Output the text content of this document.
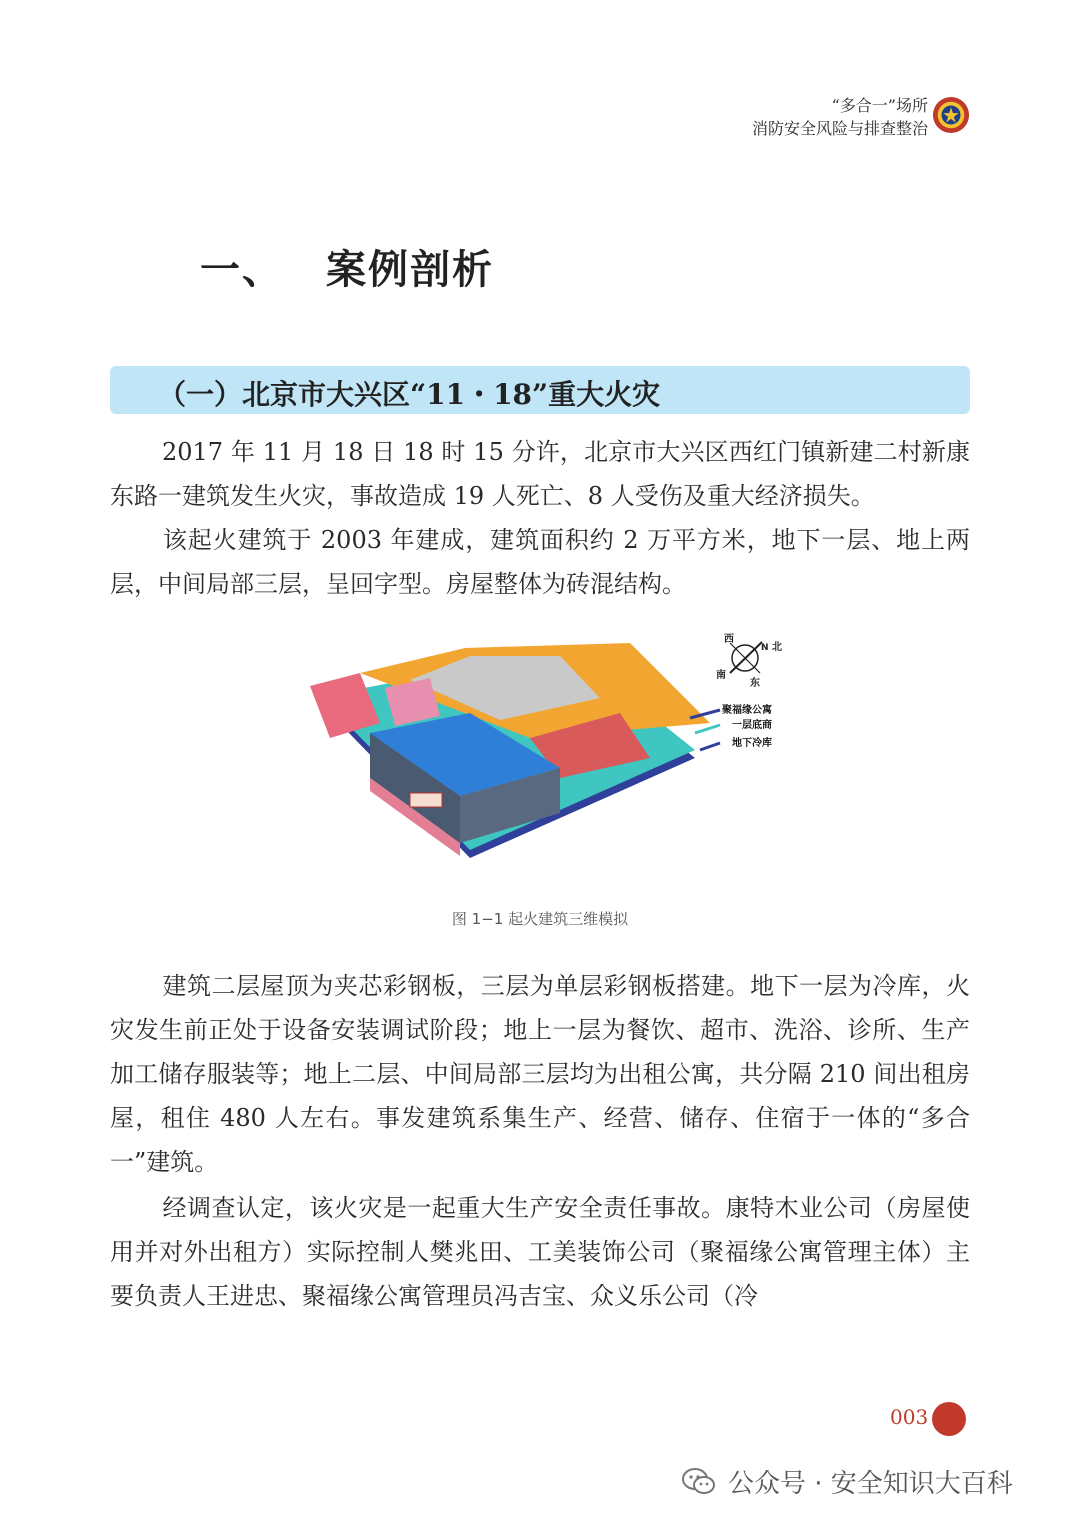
“多合一”场所
消防安全风险与排查整治
一、 案例剖析
（一）北京市大兴区“11・18”重大火灾
2017 年 11 月 18 日 18 时 15 分许，北京市大兴区西红门镇新建二村新康东路一建筑发生火灾，事故造成 19 人死亡、8 人受伤及重大经济损失。
该起火建筑于 2003 年建成，建筑面积约 2 万平方米，地下一层、地上两层，中间局部三层，呈回字型。房屋整体为砖混结构。
西
北
N
南
东
聚福缘公寓
一层底商
地下冷库
图 1−1 起火建筑三维模拟
建筑二层屋顶为夹芯彩钢板，三层为单层彩钢板搭建。地下一层为冷库，火灾发生前正处于设备安装调试阶段；地上一层为餐饮、超市、洗浴、诊所、生产加工储存服装等；地上二层、中间局部三层均为出租公寓，共分隔 210 间出租房屋，租住 480 人左右。事发建筑系集生产、经营、储存、住宿于一体的“多合一”建筑。
经调查认定，该火灾是一起重大生产安全责任事故。康特木业公司（房屋使用并对外出租方）实际控制人樊兆田、工美装饰公司（聚福缘公寓管理主体）主要负责人王进忠、聚福缘公寓管理员冯吉宝、众义乐公司（冷
003
公众号 · 安全知识大百科
